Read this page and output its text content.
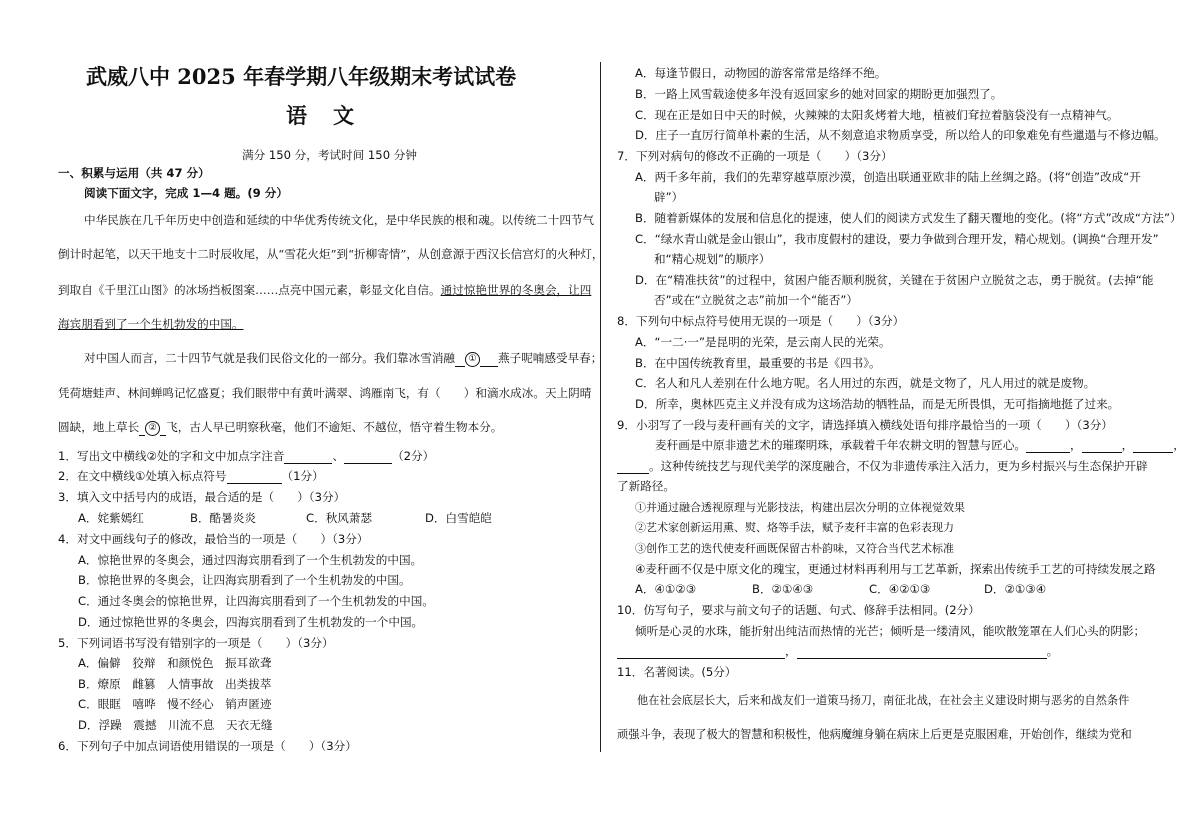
武威八中 2025 年春学期八年级期末考试试卷
语文
满分 150 分，考试时间 150 分钟
一、积累与运用（共 47 分）
阅读下面文字，完成 1—4 题。(9 分）
中华民族在几千年历史中创造和延续的中华优秀传统文化，是中华民族的根和魂。以传统二十四节气
倒计时起笔，以天干地支十二时辰收尾，从“雪花火炬”到“折柳寄情”，从创意源于西汉长信宫灯的火种灯，
到取自《千里江山图》的冰场挡板图案……点亮中国元素，彰显文化自信。通过惊艳世界的冬奥会，让四
海宾朋看到了一个生机勃发的中国。
对中国人而言，二十四节气就是我们民俗文化的一部分。我们靠冰雪消融 ① 燕子呢喃感受早春；
凭荷塘蛙声、林间蝉鸣记忆盛夏；我们眼带中有黄叶满翠、鸿雁南飞，有（　　）和滴水成冰。天上阴晴
圆缺，地上草长 ② 飞，古人早已明察秋毫，他们不逾矩、不越位，悟守着生物本分。
1．写出文中横线②处的字和文中加点字注音	、	（2分）
2．在文中横线①处填入标点符号	（1分）
3．填入文中括号内的成语，最合适的是（　　）（3分）
A．姹紫嫣红	B．酷暑炎炎	C．秋风萧瑟	D．白雪皑皑
4．对文中画线句子的修改，最恰当的一项是（　　）（3分）
A．惊艳世界的冬奥会，通过四海宾朋看到了一个生机勃发的中国。
B．惊艳世界的冬奥会，让四海宾朋看到了一个生机勃发的中国。
C．通过冬奥会的惊艳世界，让四海宾朋看到了一个生机勃发的中国。
D．通过惊艳世界的冬奥会，四海宾朋看到了生机勃发的一个中国。
5．下列词语书写没有错别字的一项是（　　）（3分）
A．偏僻　狡辩　和颜悦色　振耳欲聋
B．燎原　雌篡　人情事故　出类拔萃
C．眼眶　嘻哗　慢不经心　销声匿迹
D．浮躁　震撼　川流不息　天衣无缝
6．下列句子中加点词语使用错误的一项是（　　）（3分）
A．每逢节假日，动物园的游客常常是络绎不绝。
B．一路上风雪载途使多年没有返回家乡的她对回家的期盼更加强烈了。
C．现在正是如日中天的时候，火辣辣的太阳炙烤着大地，植被们耷拉着脑袋没有一点精神气。
D．庄子一直厉行简单朴素的生活，从不刻意追求物质享受，所以给人的印象难免有些邋遢与不修边幅。
7．下列对病句的修改不正确的一项是（　　）（3分）
A．两千多年前，我们的先辈穿越草原沙漠，创造出联通亚欧非的陆上丝绸之路。(将“创造”改成“开
辟”）
B．随着新媒体的发展和信息化的提速，使人们的阅读方式发生了翻天覆地的变化。(将“方式”改成“方法”）
C．“绿水青山就是金山银山”，我市度假村的建设，要力争做到合理开发，精心规划。(调换“合理开发”
和“精心规划”的顺序）
D．在“精准扶贫”的过程中，贫困户能否顺利脱贫，关键在于贫困户立脱贫之志，勇于脱贫。(去掉“能
否”或在“立脱贫之志”前加一个“能否”）
8．下列句中标点符号使用无误的一项是（　　）（3分）
A．“一二·一”是昆明的光荣，是云南人民的光荣。
B．在中国传统教育里，最重要的书是《四书》。
C．名人和凡人差别在什么地方呢。名人用过的东西，就是文物了，凡人用过的就是废物。
D．所幸，奥林匹克主义并没有成为这场浩劫的牺牲品，而是无所畏惧，无可指摘地挺了过来。
9．小羽写了一段与麦秆画有关的文字，请选择填入横线处语句排序最恰当的一项（　　）（3分）
麦秆画是中原非遗艺术的璀璨明珠，承载着千年农耕文明的智慧与匠心。	，	，	，
。这种传统技艺与现代美学的深度融合，不仅为非遗传承注入活力，更为乡村振兴与生态保护开辟
了新路径。
①并通过融合透视原理与光影技法，构建出层次分明的立体视觉效果
②艺术家创新运用熏、熨、烙等手法，赋予麦秆丰富的色彩表现力
③创作工艺的迭代使麦秆画既保留古朴韵味，又符合当代艺术标准
④麦秆画不仅是中原文化的瑰宝，更通过材料再利用与工艺革新，探索出传统手工艺的可持续发展之路
A．④①②③	B．②①④③	C．④②①③	D．②①③④
10．仿写句子，要求与前文句子的话题、句式、修辞手法相同。(2分）
倾听是心灵的水珠，能折射出纯洁而热情的光芒；倾听是一缕清风，能吹散笼罩在人们心头的阴影；
，	。
11．名著阅读。(5分）
他在社会底层长大，后来和战友们一道策马扬刀，南征北战，在社会主义建设时期与恶劣的自然条件
顽强斗争，表现了极大的智慧和积极性，他病魔缠身躺在病床上后更是克服困难，开始创作，继续为党和
